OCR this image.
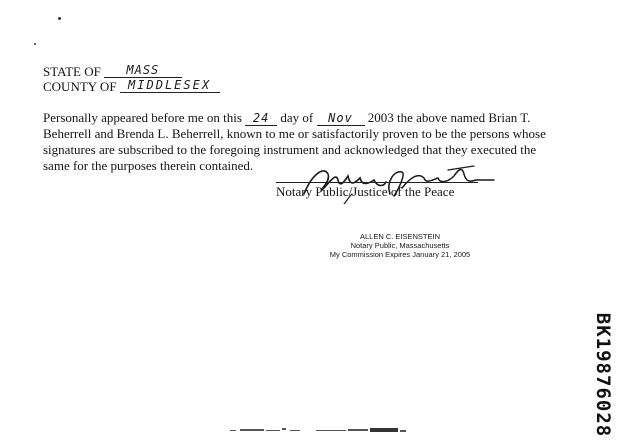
STATE OF MASS
COUNTY OF MIDDLESEX
Personally appeared before me on this 24 day of Nov 2003 the above named Brian T. Beherrell and Brenda L. Beherrell, known to me or satisfactorily proven to be the persons whose signatures are subscribed to the foregoing instrument and acknowledged that they executed the same for the purposes therein contained.
Notary Public/Justice of the Peace
ALLEN C. EISENSTEIN
Notary Public, Massachusetts
My Commission Expires January 21, 2005
BK19876028
